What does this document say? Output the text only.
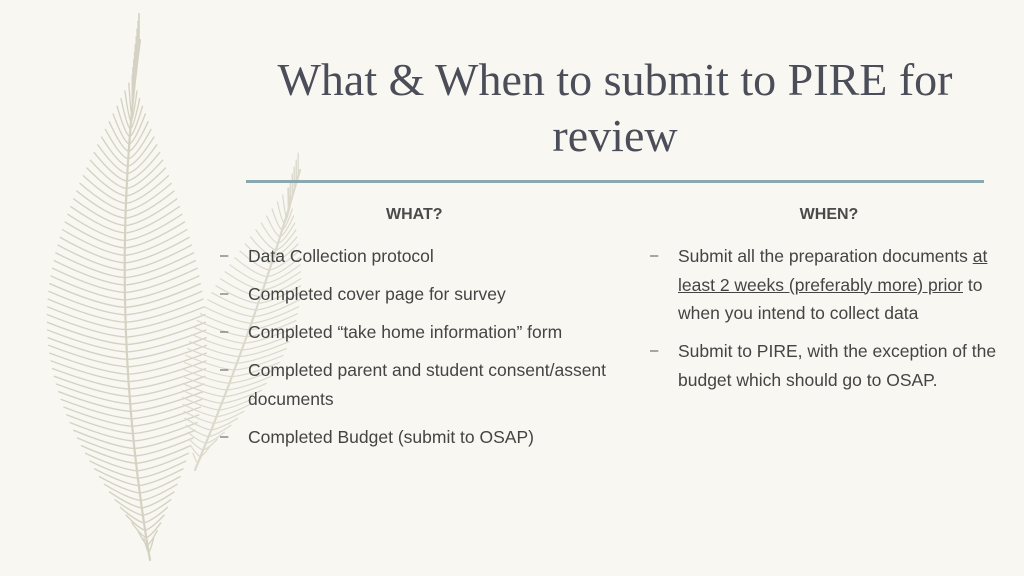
What & When to submit to PIRE for review
WHAT?
– Data Collection protocol
– Completed cover page for survey
– Completed “take home information” form
– Completed parent and student consent/assent documents
– Completed Budget (submit to OSAP)
WHEN?
– Submit all the preparation documents at least 2 weeks (preferably more) prior to when you intend to collect data
– Submit to PIRE, with the exception of the budget which should go to OSAP.
